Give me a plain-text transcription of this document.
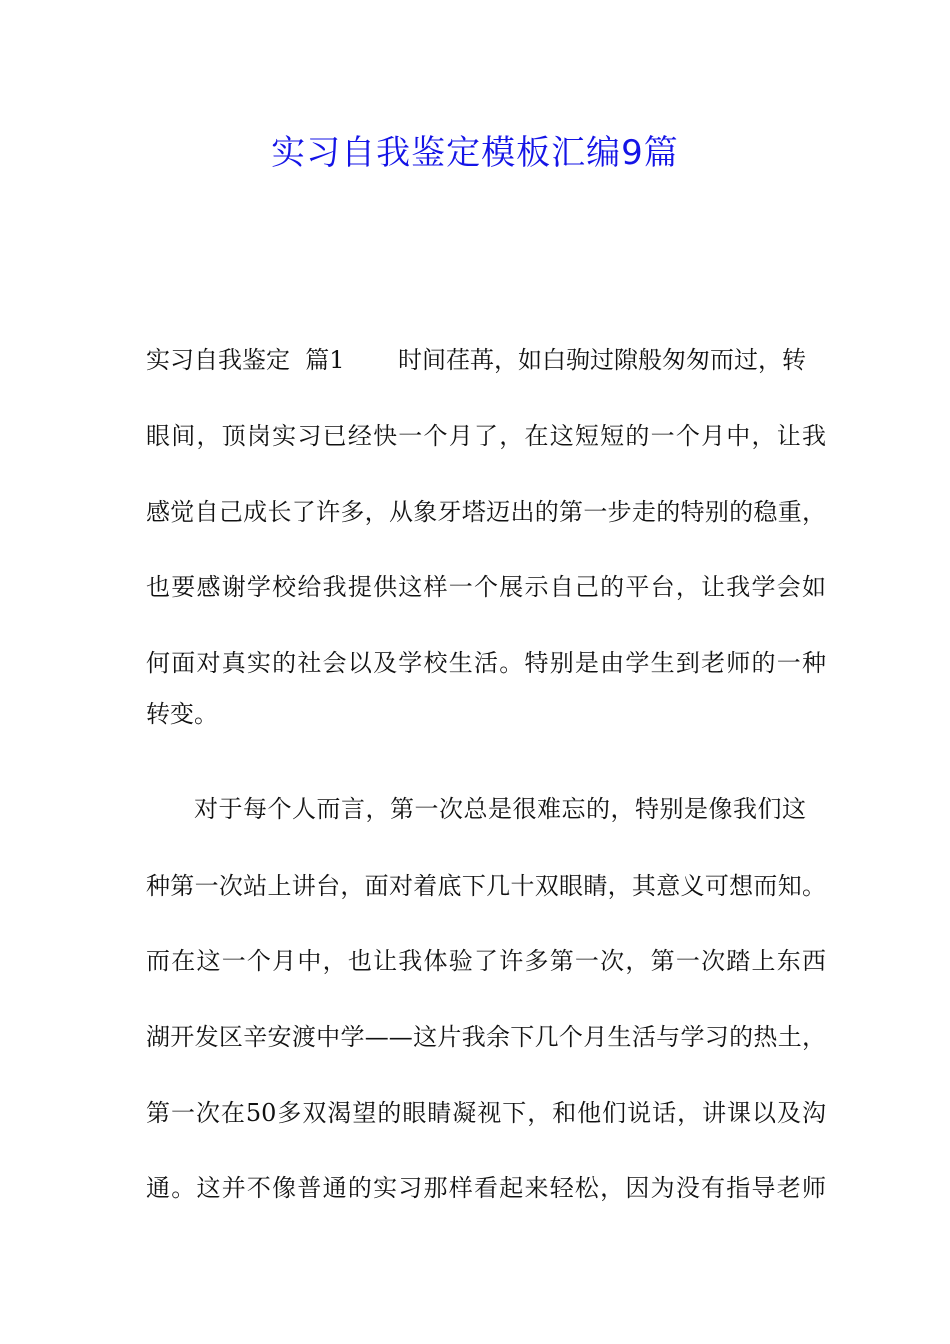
实习自我鉴定模板汇编9篇
实习自我鉴定  篇1 时间荏苒，如白驹过隙般匆匆而过，转
眼间，顶岗实习已经快一个月了，在这短短的一个月中，让我
感觉自己成长了许多，从象牙塔迈出的第一步走的特别的稳重，
也要感谢学校给我提供这样一个展示自己的平台，让我学会如
何面对真实的社会以及学校生活。特别是由学生到老师的一种
转变。
对于每个人而言，第一次总是很难忘的，特别是像我们这
种第一次站上讲台，面对着底下几十双眼睛，其意义可想而知。
而在这一个月中，也让我体验了许多第一次，第一次踏上东西
湖开发区辛安渡中学——这片我余下几个月生活与学习的热土，
第一次在50多双渴望的眼睛凝视下，和他们说话，讲课以及沟
通。这并不像普通的实习那样看起来轻松，因为没有指导老师
